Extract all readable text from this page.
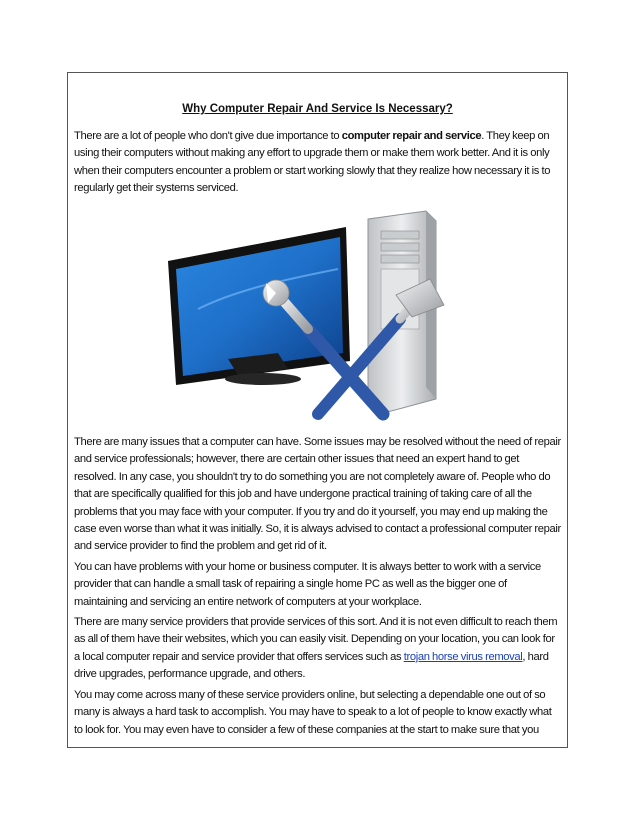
Why Computer Repair And Service Is Necessary?

There are a lot of people who don't give due importance to computer repair and service. They keep on using their computers without making any effort to upgrade them or make them work better. And it is only when their computers encounter a problem or start working slowly that they realize how necessary it is to regularly get their systems serviced.

There are many issues that a computer can have. Some issues may be resolved without the need of repair and service professionals; however, there are certain other issues that need an expert hand to get resolved. In any case, you shouldn't try to do something you are not completely aware of. People who do that are specifically qualified for this job and have undergone practical training of taking care of all the problems that you may face with your computer. If you try and do it yourself, you may end up making the case even worse than what it was initially. So, it is always advised to contact a professional computer repair and service provider to find the problem and get rid of it.

You can have problems with your home or business computer. It is always better to work with a service provider that can handle a small task of repairing a single home PC as well as the bigger one of maintaining and servicing an entire network of computers at your workplace.

There are many service providers that provide services of this sort. And it is not even difficult to reach them as all of them have their websites, which you can easily visit. Depending on your location, you can look for a local computer repair and service provider that offers services such as trojan horse virus removal, hard drive upgrades, performance upgrade, and others.

You may come across many of these service providers online, but selecting a dependable one out of so many is always a hard task to accomplish. You may have to speak to a lot of people to know exactly what to look for. You may even have to consider a few of these companies at the start to make sure that you
